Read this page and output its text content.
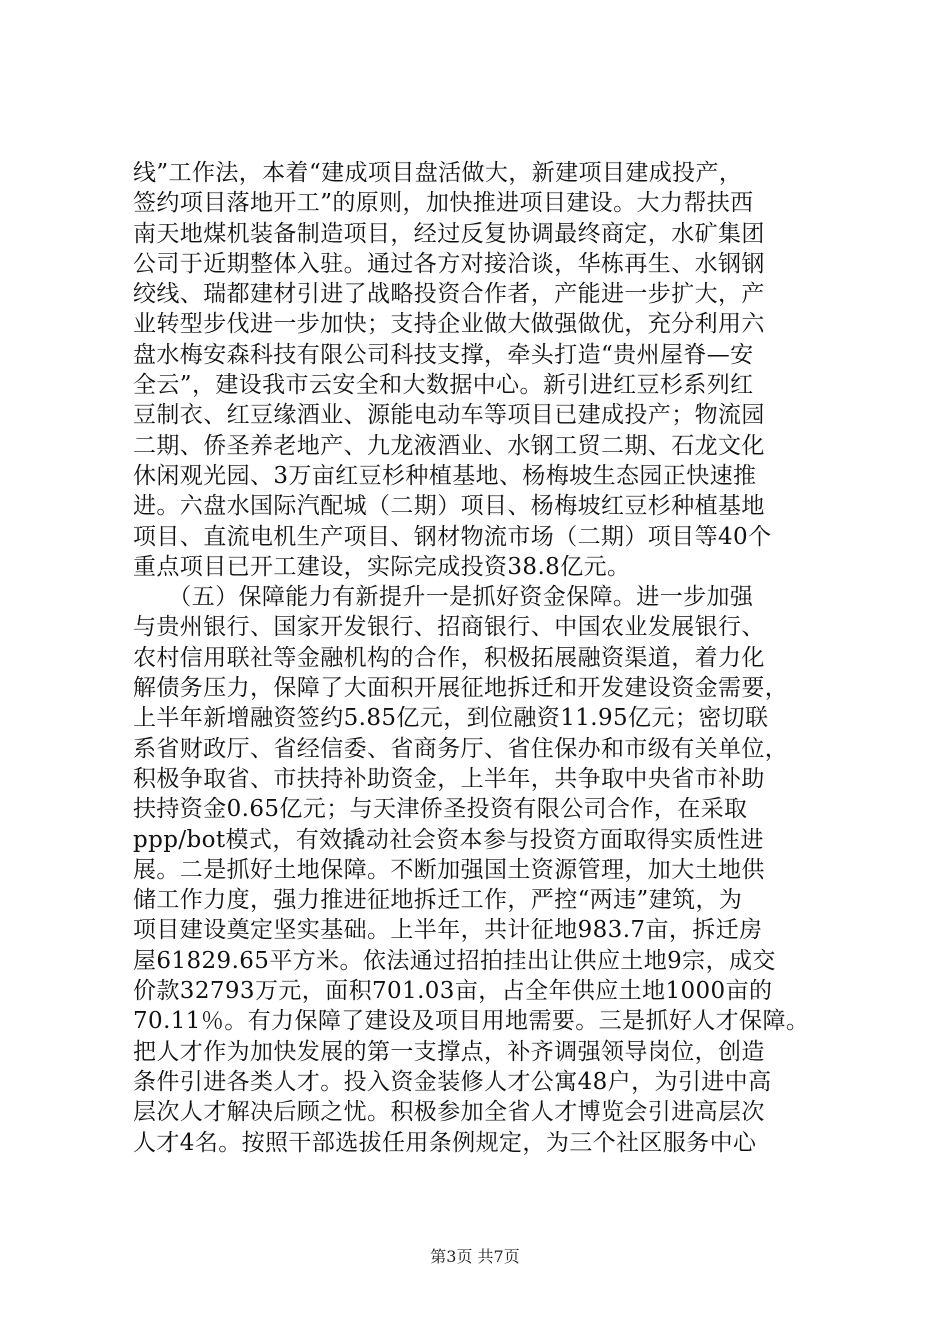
线”工作法，本着“建成项目盘活做大，新建项目建成投产，
签约项目落地开工”的原则，加快推进项目建设。大力帮扶西
南天地煤机装备制造项目，经过反复协调最终商定，水矿集团
公司于近期整体入驻。通过各方对接洽谈，华栋再生、水钢钢
绞线、瑞都建材引进了战略投资合作者，产能进一步扩大，产
业转型步伐进一步加快；支持企业做大做强做优，充分利用六
盘水梅安森科技有限公司科技支撑，牵头打造“贵州屋脊—安
全云”，建设我市云安全和大数据中心。新引进红豆杉系列红
豆制衣、红豆缘酒业、源能电动车等项目已建成投产；物流园
二期、侨圣养老地产、九龙液酒业、水钢工贸二期、石龙文化
休闲观光园、3万亩红豆杉种植基地、杨梅坡生态园正快速推
进。六盘水国际汽配城（二期）项目、杨梅坡红豆杉种植基地
项目、直流电机生产项目、钢材物流市场（二期）项目等40个
重点项目已开工建设，实际完成投资38.8亿元。
　　（五）保障能力有新提升一是抓好资金保障。进一步加强
与贵州银行、国家开发银行、招商银行、中国农业发展银行、
农村信用联社等金融机构的合作，积极拓展融资渠道，着力化
解债务压力，保障了大面积开展征地拆迁和开发建设资金需要，
上半年新增融资签约5.85亿元，到位融资11.95亿元；密切联
系省财政厅、省经信委、省商务厅、省住保办和市级有关单位，
积极争取省、市扶持补助资金，上半年，共争取中央省市补助
扶持资金0.65亿元；与天津侨圣投资有限公司合作，在采取
ppp/bot模式，有效撬动社会资本参与投资方面取得实质性进
展。二是抓好土地保障。不断加强国土资源管理，加大土地供
储工作力度，强力推进征地拆迁工作，严控“两违”建筑，为
项目建设奠定坚实基础。上半年，共计征地983.7亩，拆迁房
屋61829.65平方米。依法通过招拍挂出让供应土地9宗，成交
价款32793万元，面积701.03亩，占全年供应土地1000亩的
70.11％。有力保障了建设及项目用地需要。三是抓好人才保障。
把人才作为加快发展的第一支撑点，补齐调强领导岗位，创造
条件引进各类人才。投入资金装修人才公寓48户，为引进中高
层次人才解决后顾之忧。积极参加全省人才博览会引进高层次
人才4名。按照干部选拔任用条例规定，为三个社区服务中心
第3页 共7页
